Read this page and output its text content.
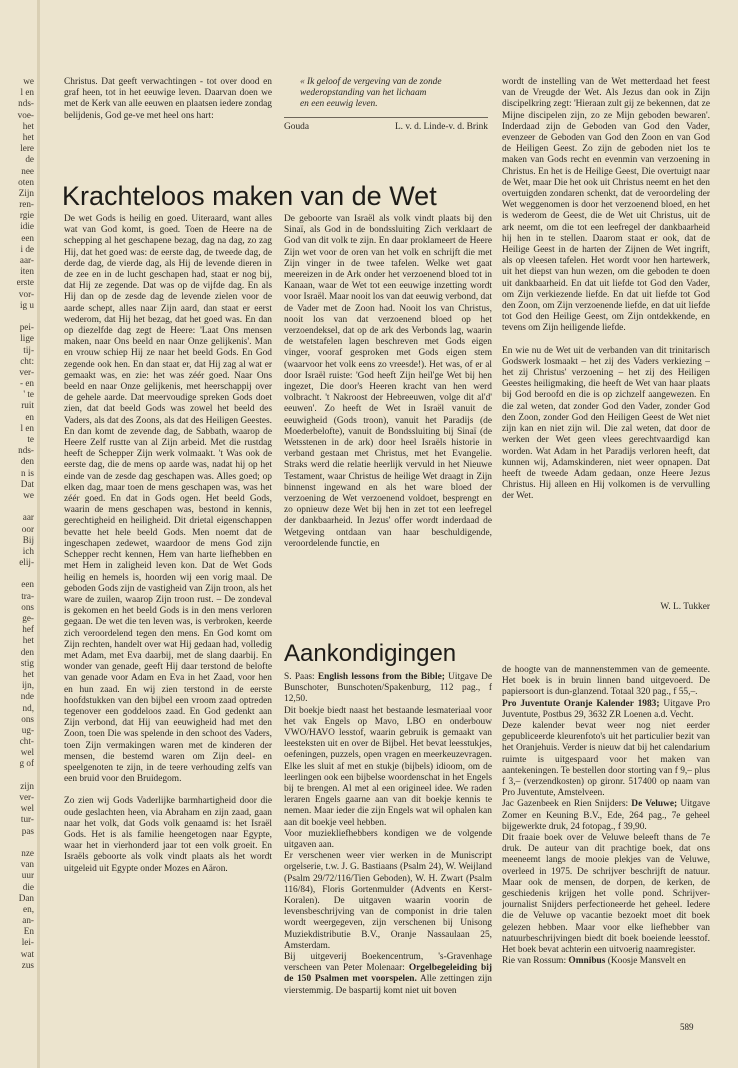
we
l en
nds-
voe-
het
het
lere
de
nee
oten
Zijn
ren-
rgie
idie
een
i de
aar-
iten
erste
vor-
ig u
pei-
lige
tij-
cht:
ver-
- en
' te
ruit
en
l en
te
nds-
den
n is
Dat
we
aar
oor
Bij
ich
elij-
een
tra-
ons
ge-
hef
het
den
stig
het
ijn,
nde
nd,
ons
ug-
cht-
wel
g of
zijn
ver-
wel
tur-
pas
nze
van
uur
die
Dan
en,
an-
En
lei-
wat
zus

Christus. Dat geeft verwachtingen - tot over dood en graf heen, tot in het eeuwige leven. Daarvan doen we met de Kerk van alle eeuwen en plaatsen iedere zondag belijdenis, God ge-ve met heel ons hart:

« Ik geloof de vergeving van de zonde
wederopstanding van het lichaam
en een eeuwig leven.
Gouda	L. v. d. Linde-v. d. Brink
Krachteloos maken van de Wet

De wet Gods is heilig en goed. Uiteraard, want alles wat van God komt, is goed. Toen de Heere na de schepping al het geschapene bezag, dag na dag, zo zag Hij, dat het goed was: de eerste dag, de tweede dag, de derde dag, de vierde dag, als Hij de levende dieren in de zee en in de lucht geschapen had, staat er nog bij, dat Hij ze zegende. Dat was op de vijfde dag. En als Hij dan op de zesde dag de levende zielen voor de aarde schept, alles naar Zijn aard, dan staat er eerst wederom, dat Hij het bezag, dat het goed was. En dan op diezelfde dag zegt de Heere: 'Laat Ons mensen maken, naar Ons beeld en naar Onze gelijkenis'. Man en vrouw schiep Hij ze naar het beeld Gods. En God zegende ook hen. En dan staat er, dat Hij zag al wat er gemaakt was, en zie: het was zéér goed. Naar Ons beeld en naar Onze gelijkenis, met heerschappij over de gehele aarde. Dat meervoudige spreken Gods doet zien, dat dat beeld Gods was zowel het beeld des Vaders, als dat des Zoons, als dat des Heiligen Geestes. En dan komt de zevende dag, de Sabbath, waarop de Heere Zelf rustte van al Zijn arbeid. Met die rustdag heeft de Schepper Zijn werk volmaakt. 't Was ook de eerste dag, die de mens op aarde was, nadat hij op het einde van de zesde dag geschapen was. Alles goed; op elken dag, maar toen de mens geschapen was, was het zéér goed. En dat in Gods ogen. Het beeld Gods, waarin de mens geschapen was, bestond in kennis, gerechtigheid en heiligheid. Dit drietal eigenschappen bevatte het hele beeld Gods. Men noemt dat de ingeschapen zedewet, waardoor de mens God zijn Schepper recht kennen, Hem van harte liefhebben en met Hem in zaligheid leven kon. Dat de Wet Gods heilig en hemels is, hoorden wij een vorig maal. De geboden Gods zijn de vastigheid van Zijn troon, als het ware de zuilen, waarop Zijn troon rust. – De zondeval is gekomen en het beeld Gods is in den mens verloren gegaan. De wet die ten leven was, is verbroken, keerde zich veroordelend tegen den mens. En God komt om Zijn rechten, handelt over wat Hij gedaan had, volledig met Adam, met Eva daarbij, met de slang daarbij. En wonder van genade, geeft Hij daar terstond de belofte van genade voor Adam en Eva in het Zaad, voor hen en hun zaad. En wij zien terstond in de eerste hoofdstukken van den bijbel een vroom zaad optreden tegenover een goddeloos zaad. En God gedenkt aan Zijn verbond, dat Hij van eeuwigheid had met den Zoon, toen Die was spelende in den schoot des Vaders, toen Zijn vermakingen waren met de kinderen der mensen, die bestemd waren om Zijn deel- en speelgenoten te zijn, in de teere verhouding zelfs van een bruid voor den Bruidegom.

Zo zien wij Gods Vaderlijke barmhartigheid door die oude geslachten heen, via Abraham en zijn zaad, gaan naar het volk, dat Gods volk genaamd is: het Israël Gods. Het is als familie heengetogen naar Egypte, waar het in vierhonderd jaar tot een volk groeit. En Israëls geboorte als volk vindt plaats als het wordt uitgeleid uit Egypte onder Mozes en Aäron.

De geboorte van Israël als volk vindt plaats bij den Sinaï, als God in de bondssluiting Zich verklaart de God van dit volk te zijn. En daar proklameert de Heere Zijn wet voor de oren van het volk en schrijft die met Zijn vinger in de twee tafelen. Welke wet gaat meereizen in de Ark onder het verzoenend bloed tot in Kanaan, waar de Wet tot een eeuwige inzetting wordt voor Israël. Maar nooit los van dat eeuwig verbond, dat de Vader met de Zoon had. Nooit los van Christus, nooit los van dat verzoenend bloed op het verzoendeksel, dat op de ark des Verbonds lag, waarin de wetstafelen lagen beschreven met Gods eigen vinger, vooraf gesproken met Gods eigen stem (waarvoor het volk eens zo vreesde!). Het was, of er al door Israël ruiste: 'God heeft Zijn heil'ge Wet bij hen ingezet, Die door's Heeren kracht van hen werd volbracht. 't Nakroost der Hebreeuwen, volge dit al'd' eeuwen'. Zo heeft de Wet in Israël vanuit de eeuwigheid (Gods troon), vanuit het Paradijs (de Moederbelofte), vanuit de Bondssluiting bij Sinaï (de Wetsstenen in de ark) door heel Israëls historie in verband gestaan met Christus, met het Evangelie. Straks werd die relatie heerlijk vervuld in het Nieuwe Testament, waar Christus de heilige Wet draagt in Zijn binnenst ingewand en als het ware bloed der verzoening de Wet verzoenend voldoet, besprengt en zo opnieuw deze Wet bij hen in zet tot een leefregel der dankbaarheid. In Jezus' offer wordt inderdaad de Wetgeving ontdaan van haar beschuldigende, veroordelende functie, en

wordt de instelling van de Wet metterdaad het feest van de Vreugde der Wet. Als Jezus dan ook in Zijn discipelkring zegt: 'Hieraan zult gij ze bekennen, dat ze Mijne discipelen zijn, zo ze Mijn geboden bewaren'. Inderdaad zijn de Geboden van God den Vader, evenzeer de Geboden van God den Zoon en van God de Heiligen Geest. Zo zijn de geboden niet los te maken van Gods recht en evenmin van verzoening in Christus. En het is de Heilige Geest, Die overtuigt naar de Wet, maar Die het ook uit Christus neemt en het den overtuigden zondaren schenkt, dat de veroordeling der Wet weggenomen is door het verzoenend bloed, en het is wederom de Geest, die de Wet uit Christus, uit de ark neemt, om die tot een leefregel der dankbaarheid hij hen in te stellen. Daarom staat er ook, dat de Heilige Geest in de harten der Zijnen de Wet ingrift, als op vleesen tafelen. Het wordt voor hen hartewerk, uit het diepst van hun wezen, om die geboden te doen uit dankbaarheid. En dat uit liefde tot God den Vader, om Zijn verkiezende liefde. En dat uit liefde tot God den Zoon, om Zijn verzoenende liefde, en dat uit liefde tot God den Heilige Geest, om Zijn ontdekkende, en tevens om Zijn heiligende liefde.

En wie nu de Wet uit de verbanden van dit trinitarisch Godswerk losmaakt – het zij des Vaders verkiezing – het zij Christus' verzoening – het zij des Heiligen Geestes heiligmaking, die heeft de Wet van haar plaats bij God beroofd en die is op zichzelf aangewezen. En die zal weten, dat zonder God den Vader, zonder God den Zoon, zonder God den Heiligen Geest de Wet niet zijn kan en niet zijn wil. Die zal weten, dat door de werken der Wet geen vlees gerechtvaardigd kan worden. Wat Adam in het Paradijs verloren heeft, dat kunnen wij, Adamskinderen, niet weer opnapen. Dat heeft de tweede Adam gedaan, onze Heere Jezus Christus. Hij alleen en Hij volkomen is de vervulling der Wet.

W. L. Tukker
Aankondigingen

S. Paas: English lessons from the Bible; Uitgave De Bunschoter, Bunschoten/Spakenburg, 112 pag., f 12,50.

Dit boekje biedt naast het bestaande lesmateriaal voor het vak Engels op Mavo, LBO en onderbouw VWO/HAVO lesstof, waarin gebruik is gemaakt van leesteksten uit en over de Bijbel. Het bevat leesstukjes, oefeningen, puzzels, open vragen en meerkeuzevragen. Elke les sluit af met en stukje (bijbels) idioom, om de leerlingen ook een bijbelse woordenschat in het Engels bij te brengen. Al met al een origineel idee. We raden leraren Engels gaarne aan van dit boekje kennis te nemen. Maar ieder die zijn Engels wat wil ophalen kan aan dit boekje veel hebben.

Voor muziekliefhebbers kondigen we de volgende uitgaven aan.

Er verschenen weer vier werken in de Muniscript orgelserie, t.w. J. G. Bastiaans (Psalm 24), W. Weijland (Psalm 29/72/116/Tien Geboden), W. H. Zwart (Psalm 116/84), Floris Gortenmulder (Advents en Kerst-Koralen). De uitgaven waarin voorin de levensbeschrijving van de componist in drie talen wordt weergegeven, zijn verschenen bij Unisong Muziekdistributie B.V., Oranje Nassaulaan 25, Amsterdam.

Bij uitgeverij Boekencentrum, 's-Gravenhage verscheen van Peter Molenaar: Orgelbegeleiding bij de 150 Psalmen met voorspelen. Alle zettingen zijn vierstemmig. De baspartij komt niet uit boven

de hoogte van de mannenstemmen van de gemeente. Het boek is in bruin linnen band uitgevoerd. De papiersoort is dun-glanzend. Totaal 320 pag., f 55,–.

Pro Juventute Oranje Kalender 1983; Uitgave Pro Juventute, Postbus 29, 3632 ZR Loenen a.d. Vecht.

Deze kalender bevat weer nog niet eerder gepubliceerde kleurenfoto's uit het particulier bezit van het Oranjehuis. Verder is nieuw dat bij het calendarium ruimte is uitgespaard voor het maken van aantekeningen. Te bestellen door storting van f 9,– plus f 3,– (verzendkosten) op gironr. 517400 op naam van Pro Juventute, Amstelveen.

Jac Gazenbeek en Rien Snijders: De Veluwe; Uitgave Zomer en Keuning B.V., Ede, 264 pag., 7e geheel bijgewerkte druk, 24 fotopag., f 39,90.

Dit fraaie boek over de Veluwe beleeft thans de 7e druk. De auteur van dit prachtige boek, dat ons meeneemt langs de mooie plekjes van de Veluwe, overleed in 1975. De schrijver beschrijft de natuur. Maar ook de mensen, de dorpen, de kerken, de geschiedenis krijgen het volle pond. Schrijver-journalist Snijders perfectioneerde het geheel. Iedere die de Veluwe op vacantie bezoekt moet dit boek gelezen hebben. Maar voor elke liefhebber van natuurbeschrijvingen biedt dit boek boeiende leesstof. Het boek bevat achterin een uitvoerig naamregister.

Rie van Rossum: Omnibus (Koosje Mansvelt en

589
